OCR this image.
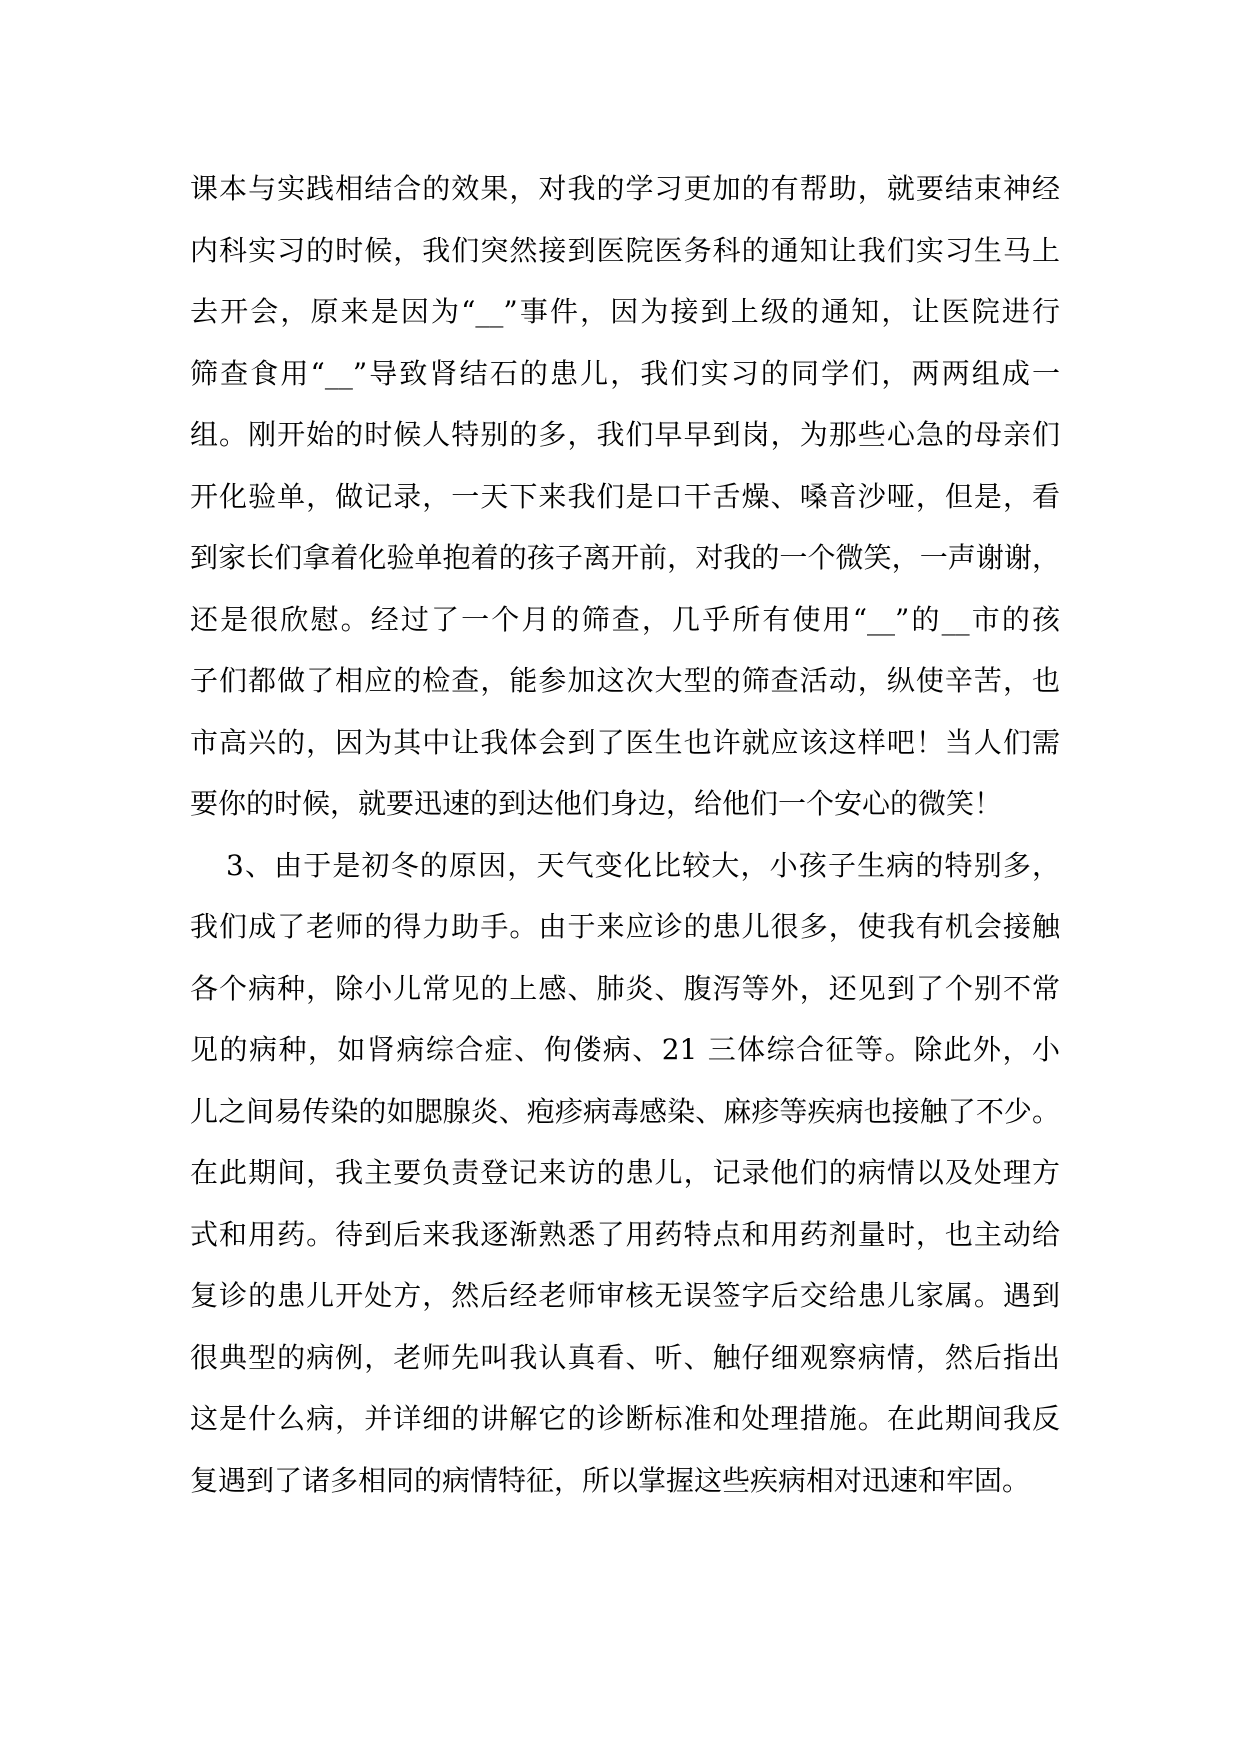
课本与实践相结合的效果，对我的学习更加的有帮助，就要结束神经
内科实习的时候，我们突然接到医院医务科的通知让我们实习生马上
去开会，原来是因为“__”事件，因为接到上级的通知，让医院进行
筛查食用“__”导致肾结石的患儿，我们实习的同学们，两两组成一
组。刚开始的时候人特别的多，我们早早到岗，为那些心急的母亲们
开化验单，做记录，一天下来我们是口干舌燥、嗓音沙哑，但是，看
到家长们拿着化验单抱着的孩子离开前，对我的一个微笑，一声谢谢，
还是很欣慰。经过了一个月的筛查，几乎所有使用“__”的__市的孩
子们都做了相应的检查，能参加这次大型的筛查活动，纵使辛苦，也
市高兴的，因为其中让我体会到了医生也许就应该这样吧！当人们需
要你的时候，就要迅速的到达他们身边，给他们一个安心的微笑！
3、由于是初冬的原因，天气变化比较大，小孩子生病的特别多，
我们成了老师的得力助手。由于来应诊的患儿很多，使我有机会接触
各个病种，除小儿常见的上感、肺炎、腹泻等外，还见到了个别不常
见的病种，如肾病综合症、佝偻病、21 三体综合征等。除此外，小
儿之间易传染的如腮腺炎、疱疹病毒感染、麻疹等疾病也接触了不少。
在此期间，我主要负责登记来访的患儿，记录他们的病情以及处理方
式和用药。待到后来我逐渐熟悉了用药特点和用药剂量时，也主动给
复诊的患儿开处方，然后经老师审核无误签字后交给患儿家属。遇到
很典型的病例，老师先叫我认真看、听、触仔细观察病情，然后指出
这是什么病，并详细的讲解它的诊断标准和处理措施。在此期间我反
复遇到了诸多相同的病情特征，所以掌握这些疾病相对迅速和牢固。
